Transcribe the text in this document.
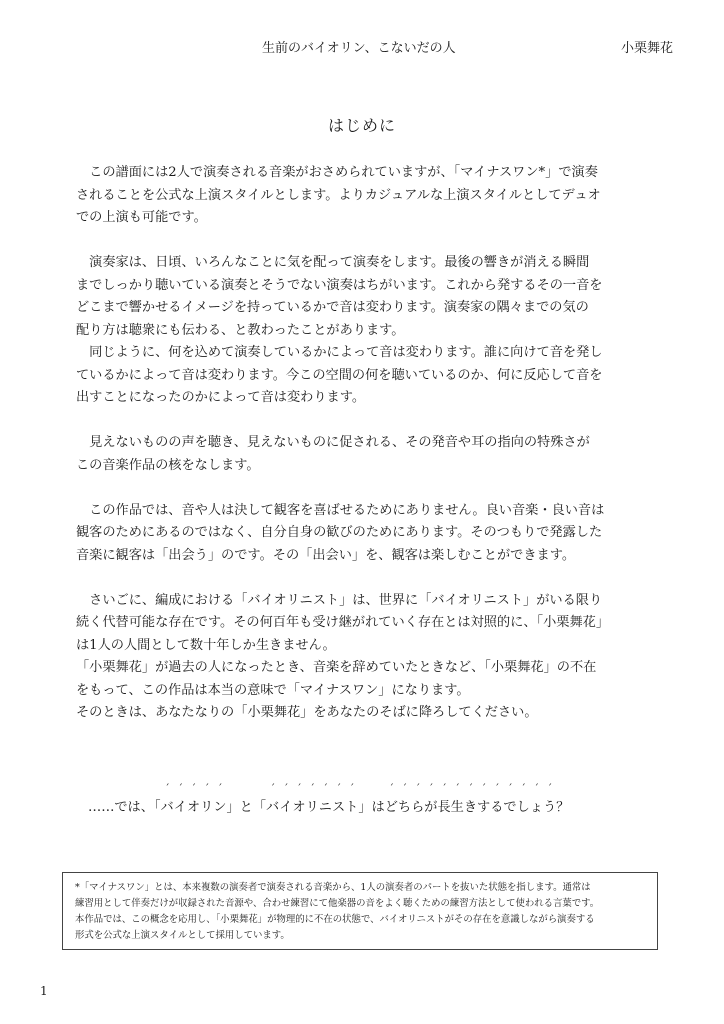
生前のバイオリン、こないだの人	小栗舞花
はじめに
　この譜面には2人で演奏される音楽がおさめられていますが、「マイナスワン*」で演奏
されることを公式な上演スタイルとします。よりカジュアルな上演スタイルとしてデュオ
での上演も可能です。
　演奏家は、日頃、いろんなことに気を配って演奏をします。最後の響きが消える瞬間
までしっかり聴いている演奏とそうでない演奏はちがいます。これから発するその一音を
どこまで響かせるイメージを持っているかで音は変わります。演奏家の隅々までの気の
配り方は聴衆にも伝わる、と教わったことがあります。
　同じように、何を込めて演奏しているかによって音は変わります。誰に向けて音を発し
ているかによって音は変わります。今この空間の何を聴いているのか、何に反応して音を
出すことになったのかによって音は変わります。
　見えないものの声を聴き、見えないものに促される、その発音や耳の指向の特殊さが
この音楽作品の核をなします。
　この作品では、音や人は決して観客を喜ばせるためにありません。良い音楽・良い音は
観客のためにあるのではなく、自分自身の歓びのためにあります。そのつもりで発露した
音楽に観客は「出会う」のです。その「出会い」を、観客は楽しむことができます。
　さいごに、編成における「バイオリニスト」は、世界に「バイオリニスト」がいる限り
続く代替可能な存在です。その何百年も受け継がれていく存在とは対照的に、「小栗舞花」
は1人の人間として数十年しか生きません。
「小栗舞花」が過去の人になったとき、音楽を辞めていたときなど、「小栗舞花」の不在
をもって、この作品は本当の意味で「マイナスワン」になります。
そのときは、あなたなりの「小栗舞花」をあなたのそばに降ろしてください。
……では、「バ ˊイ ˊオ ˊリ ˊン ˊ」と「バ ˊイ ˊオ ˊリ ˊニ ˊス ˊト ˊ」はど ˊち ˊら ˊが ˊ長 ˊ生 ˊき ˊす ˊる ˊで ˊし ˊょ ˊう ˊ？
*「マイナスワン」とは、本来複数の演奏者で演奏される音楽から、1人の演奏者のパートを抜いた状態を指します。通常は
練習用として伴奏だけが収録された音源や、合わせ練習にて他楽器の音をよく聴くための練習方法として使われる言葉です。
本作品では、この概念を応用し、「小栗舞花」が物理的に不在の状態で、バイオリニストがその存在を意識しながら演奏する
形式を公式な上演スタイルとして採用しています。
1
